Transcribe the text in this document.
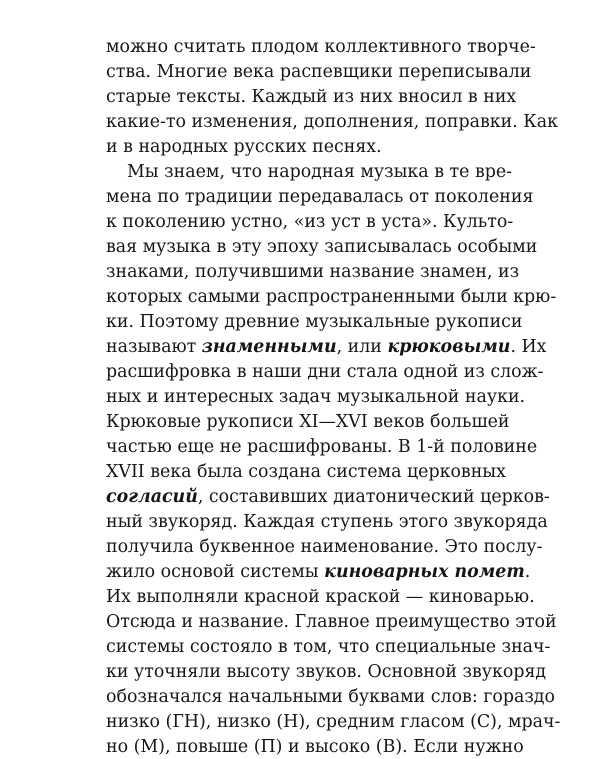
можно считать плодом коллективного творче-
ства. Многие века распевщики переписывали
старые тексты. Каждый из них вносил в них
какие-то изменения, дополнения, поправки. Как
и в народных русских песнях.
Мы знаем, что народная музыка в те вре-
мена по традиции передавалась от поколения
к поколению устно, «из уст в уста». Культо-
вая музыка в эту эпоху записывалась особыми
знаками, получившими название знамен, из
которых самыми распространенными были крю-
ки. Поэтому древние музыкальные рукописи
называют знаменными, или крюковыми. Их
расшифровка в наши дни стала одной из слож-
ных и интересных задач музыкальной науки.
Крюковые рукописи XI—XVI веков большей
частью еще не расшифрованы. В 1-й половине
XVII века была создана система церковных
согласий, составивших диатонический церков-
ный звукоряд. Каждая ступень этого звукоряда
получила буквенное наименование. Это послу-
жило основой системы киноварных помет.
Их выполняли красной краской — киноварью.
Отсюда и название. Главное преимущество этой
системы состояло в том, что специальные знач-
ки уточняли высоту звуков. Основной звукоряд
обозначался начальными буквами слов: гораздо
низко (ГН), низко (Н), средним гласом (С), мрач-
но (М), повыше (П) и высоко (В). Если нужно
